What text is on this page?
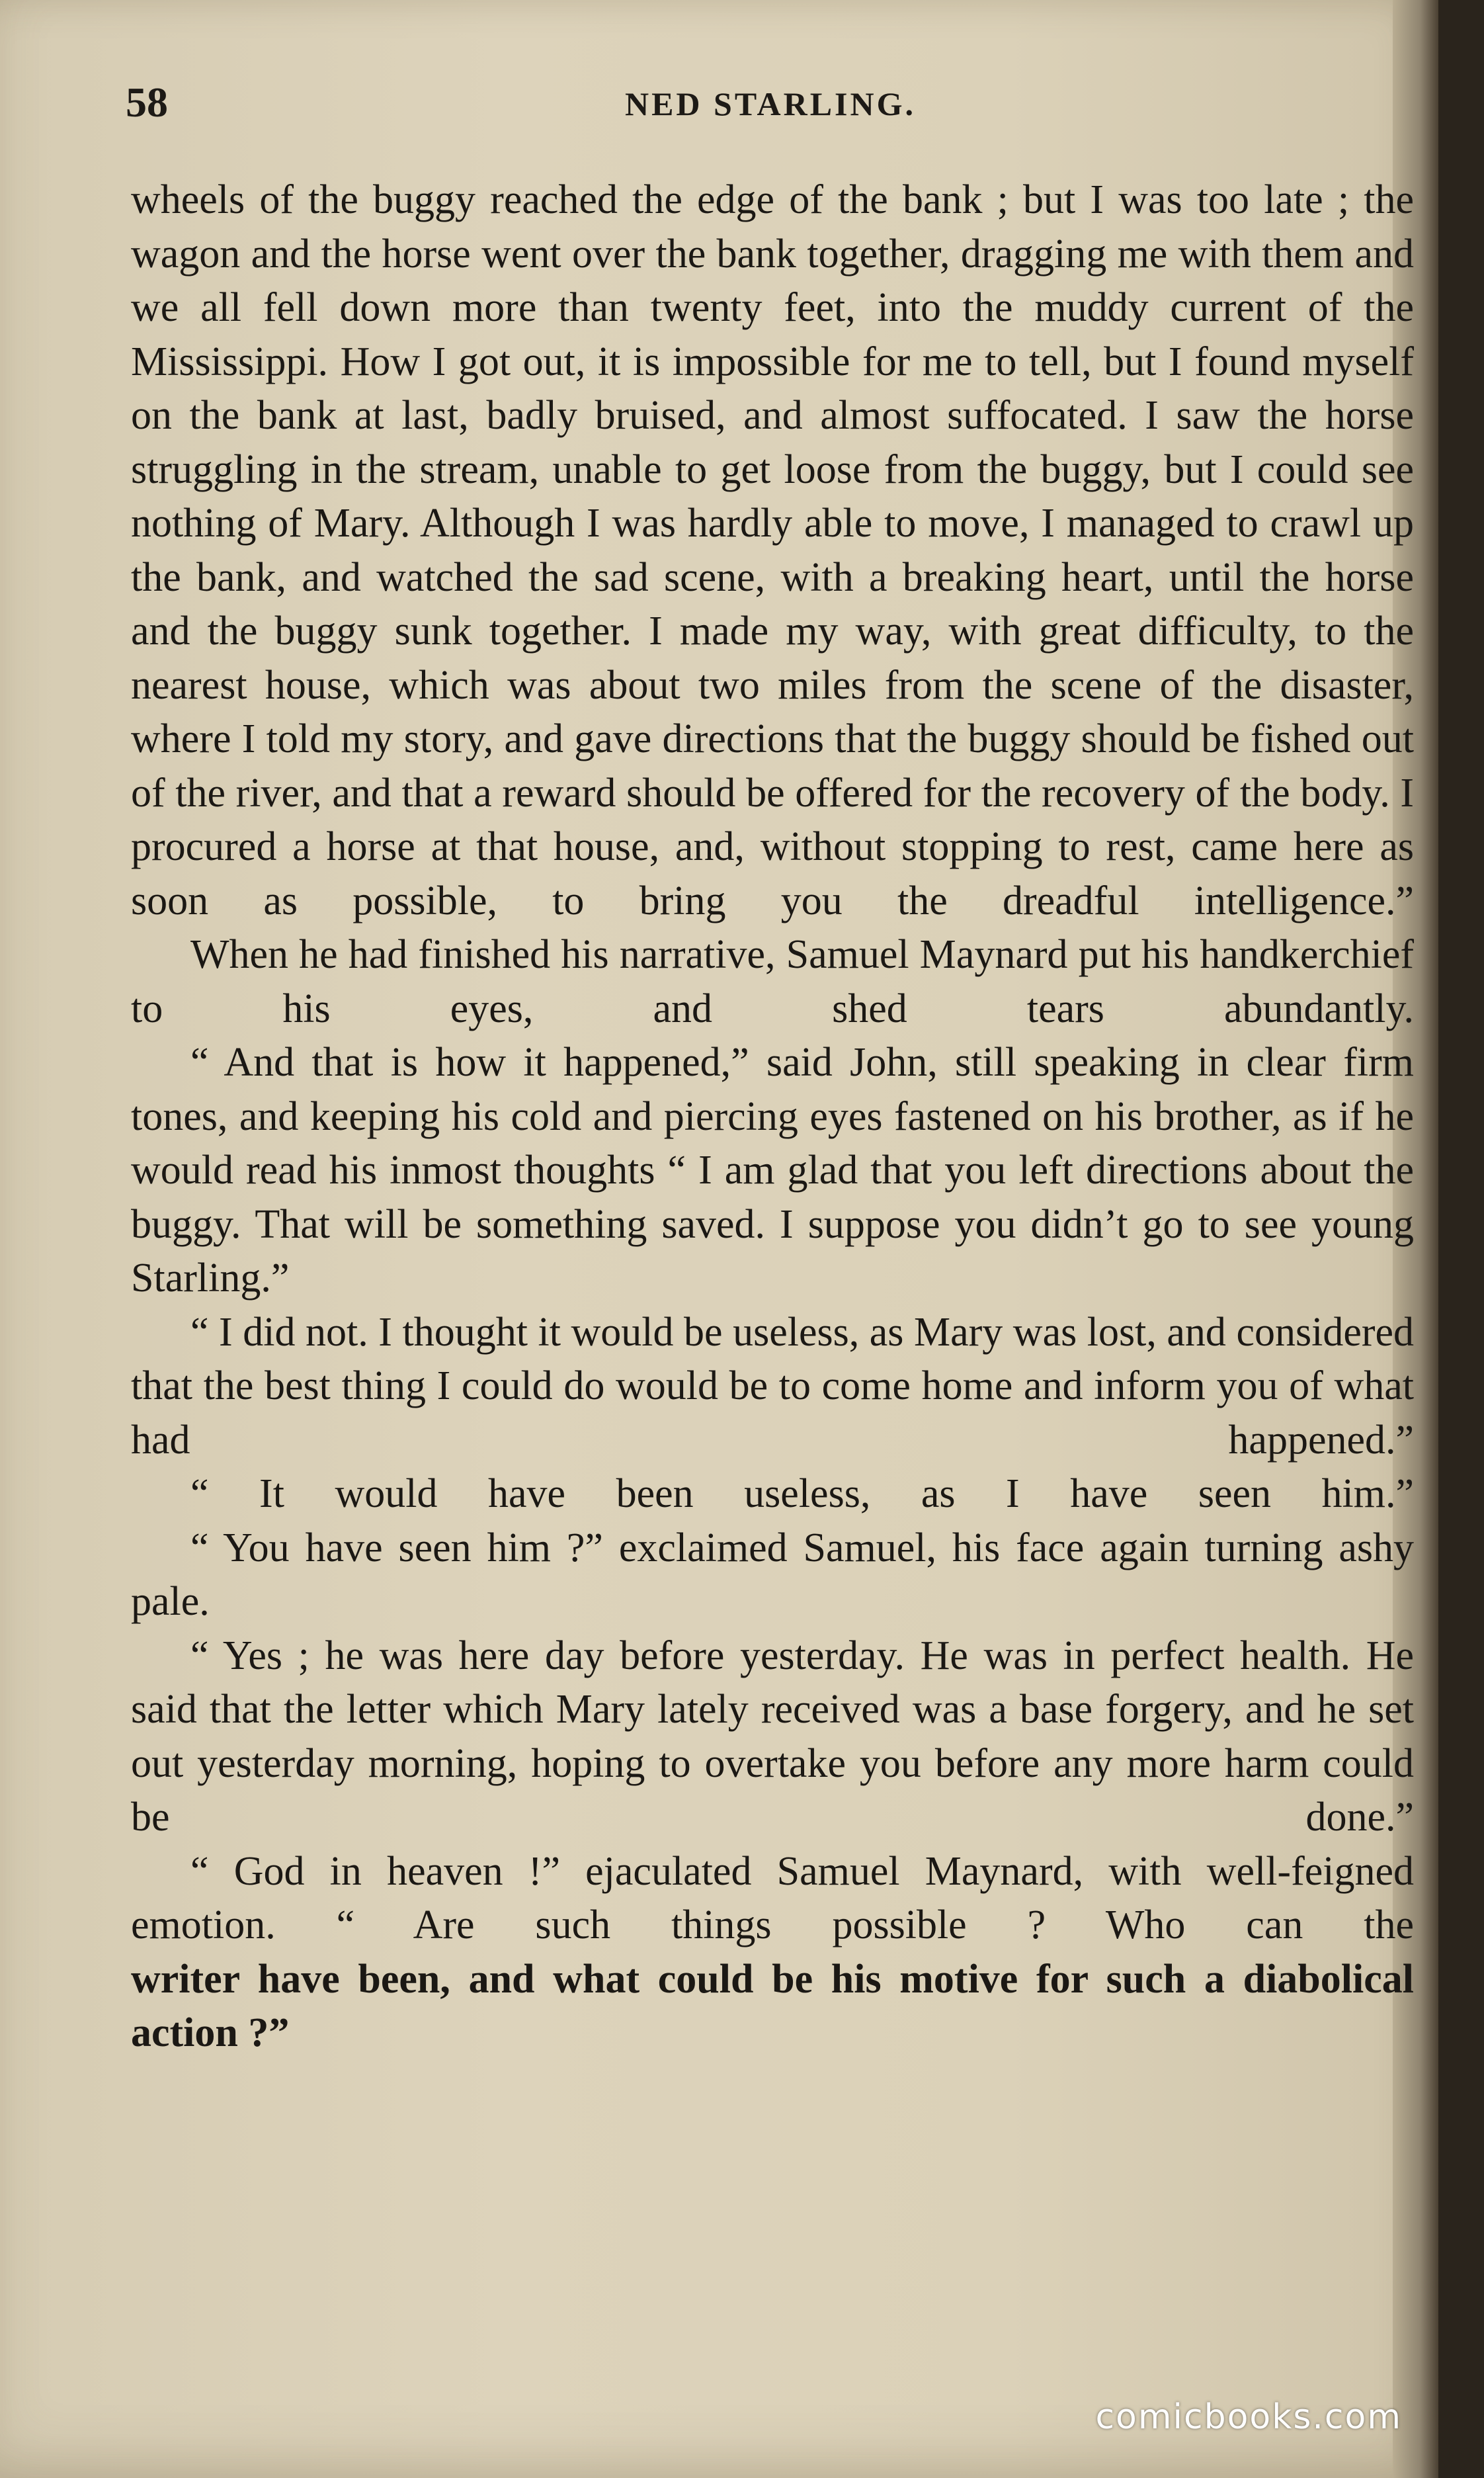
58	NED STARLING.

wheels of the buggy reached the edge of the bank ; but I was too late ; the wagon and the horse went over the bank together, dragging me with them and we all fell down more than twenty feet, into the muddy current of the Mississippi. How I got out, it is impossible for me to tell, but I found myself on the bank at last, badly bruised, and almost suffocated. I saw the horse struggling in the stream, unable to get loose from the buggy, but I could see nothing of Mary. Although I was hardly able to move, I managed to crawl up the bank, and watched the sad scene, with a breaking heart, until the horse and the buggy sunk together. I made my way, with great difficulty, to the nearest house, which was about two miles from the scene of the disaster, where I told my story, and gave directions that the buggy should be fished out of the river, and that a reward should be offered for the recovery of the body. I procured a horse at that house, and, without stopping to rest, came here as soon as possible, to bring you the dreadful intelligence.”

When he had finished his narrative, Samuel Maynard put his handkerchief to his eyes, and shed tears abundantly.

“ And that is how it happened,” said John, still speaking in clear firm tones, and keeping his cold and piercing eyes fastened on his brother, as if he would read his inmost thoughts “ I am glad that you left directions about the buggy. That will be something saved. I suppose you didn’t go to see young Starling.”

“ I did not. I thought it would be useless, as Mary was lost, and considered that the best thing I could do would be to come home and inform you of what had happened.”

“ It would have been useless, as I have seen him.”

“ You have seen him ?” exclaimed Samuel, his face again turning ashy pale.

“ Yes ; he was here day before yesterday. He was in perfect health. He said that the letter which Mary lately received was a base forgery, and he set out yesterday morning, hoping to overtake you before any more harm could be done.”

“ God in heaven !” ejaculated Samuel Maynard, with well-feigned emotion. “ Are such things possible ? Who can the

writer have been, and what could be his motive for such a diabolical action ?”

comicbooks.com
